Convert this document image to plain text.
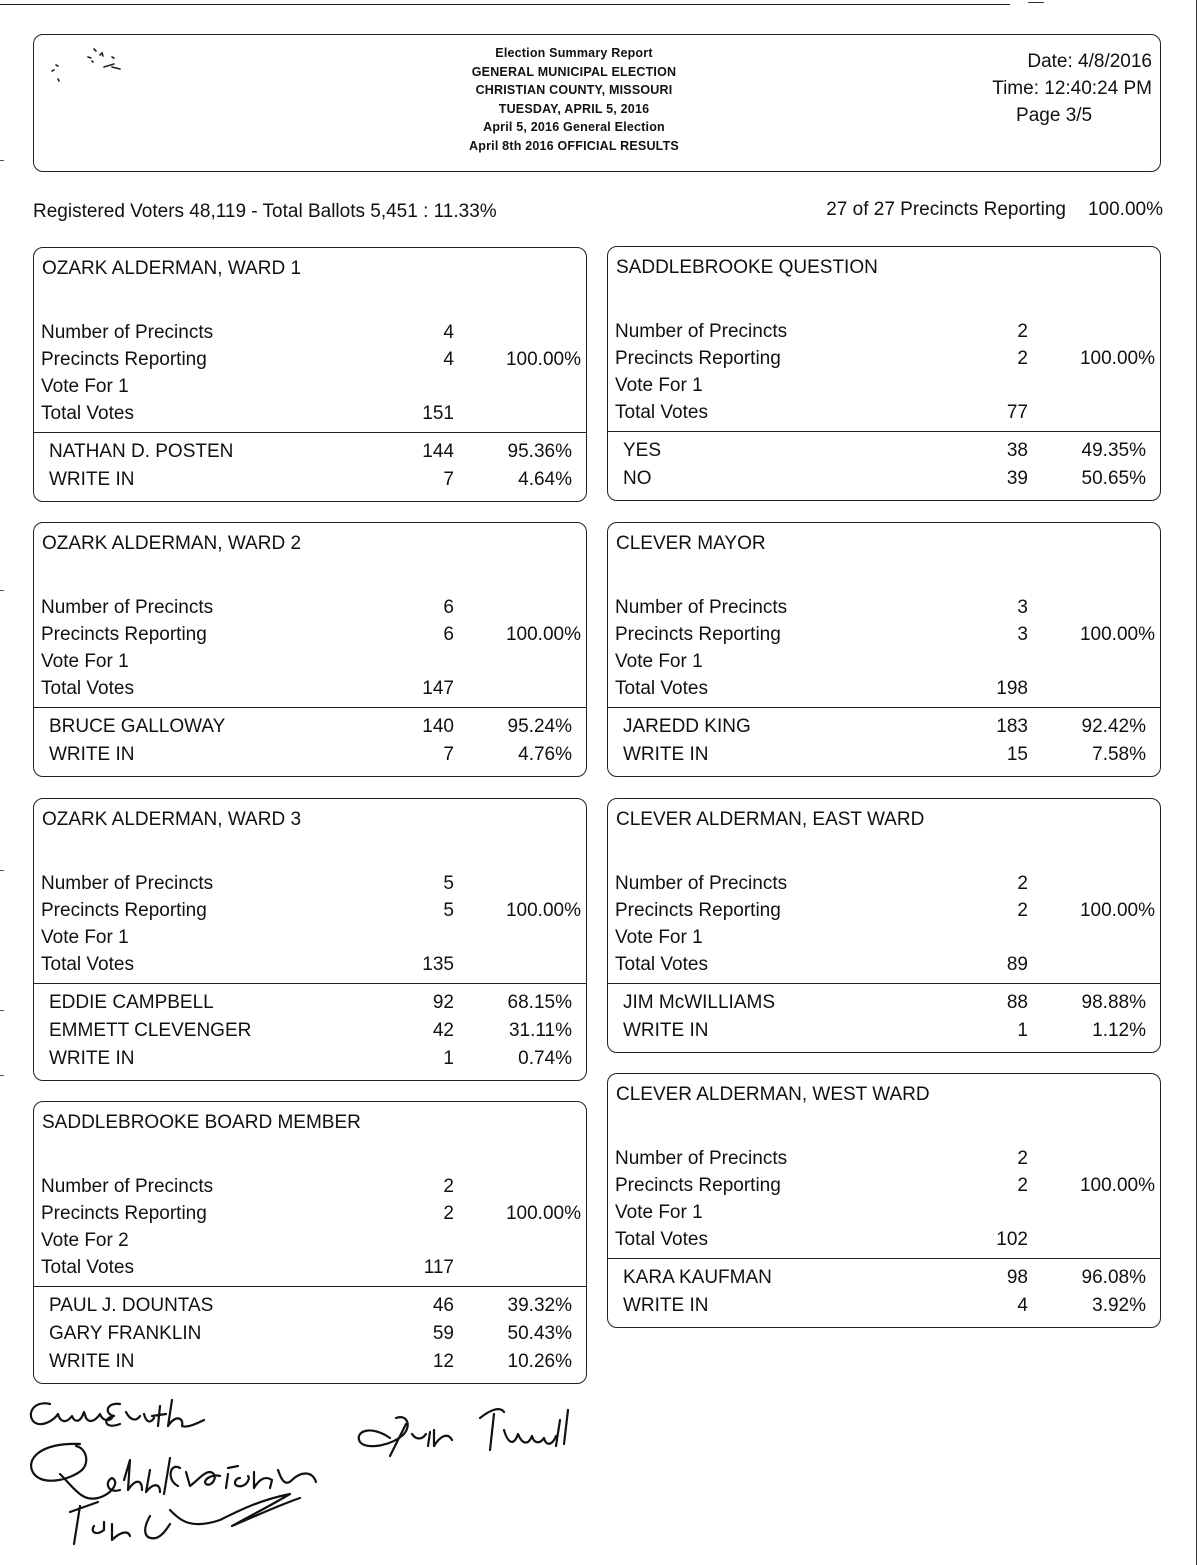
Election Summary Report
GENERAL MUNICIPAL ELECTION
CHRISTIAN COUNTY, MISSOURI
TUESDAY, APRIL 5, 2016
April 5, 2016 General Election
April 8th 2016 OFFICIAL RESULTS
Date: 4/8/2016
Time: 12:40:24 PM
Page 3/5
Registered Voters 48,119 - Total Ballots 5,451 : 11.33%	27 of 27 Precincts Reporting 100.00%
OZARK ALDERMAN, WARD 1
Number of Precincts	4
Precincts Reporting	4	100.00%
Vote For 1
Total Votes	151
NATHAN D. POSTEN	144	95.36%
WRITE IN	7	4.64%
SADDLEBROOKE QUESTION
Number of Precincts	2
Precincts Reporting	2	100.00%
Vote For 1
Total Votes	77
YES	38	49.35%
NO	39	50.65%
OZARK ALDERMAN, WARD 2
Number of Precincts	6
Precincts Reporting	6	100.00%
Vote For 1
Total Votes	147
BRUCE GALLOWAY	140	95.24%
WRITE IN	7	4.76%
CLEVER MAYOR
Number of Precincts	3
Precincts Reporting	3	100.00%
Vote For 1
Total Votes	198
JAREDD KING	183	92.42%
WRITE IN	15	7.58%
OZARK ALDERMAN, WARD 3
Number of Precincts	5
Precincts Reporting	5	100.00%
Vote For 1
Total Votes	135
EDDIE CAMPBELL	92	68.15%
EMMETT CLEVENGER	42	31.11%
WRITE IN	1	0.74%
CLEVER ALDERMAN, EAST WARD
Number of Precincts	2
Precincts Reporting	2	100.00%
Vote For 1
Total Votes	89
JIM McWILLIAMS	88	98.88%
WRITE IN	1	1.12%
SADDLEBROOKE BOARD MEMBER
Number of Precincts	2
Precincts Reporting	2	100.00%
Vote For 2
Total Votes	117
PAUL J. DOUNTAS	46	39.32%
GARY FRANKLIN	59	50.43%
WRITE IN	12	10.26%
CLEVER ALDERMAN, WEST WARD
Number of Precincts	2
Precincts Reporting	2	100.00%
Vote For 1
Total Votes	102
KARA KAUFMAN	98	96.08%
WRITE IN	4	3.92%
